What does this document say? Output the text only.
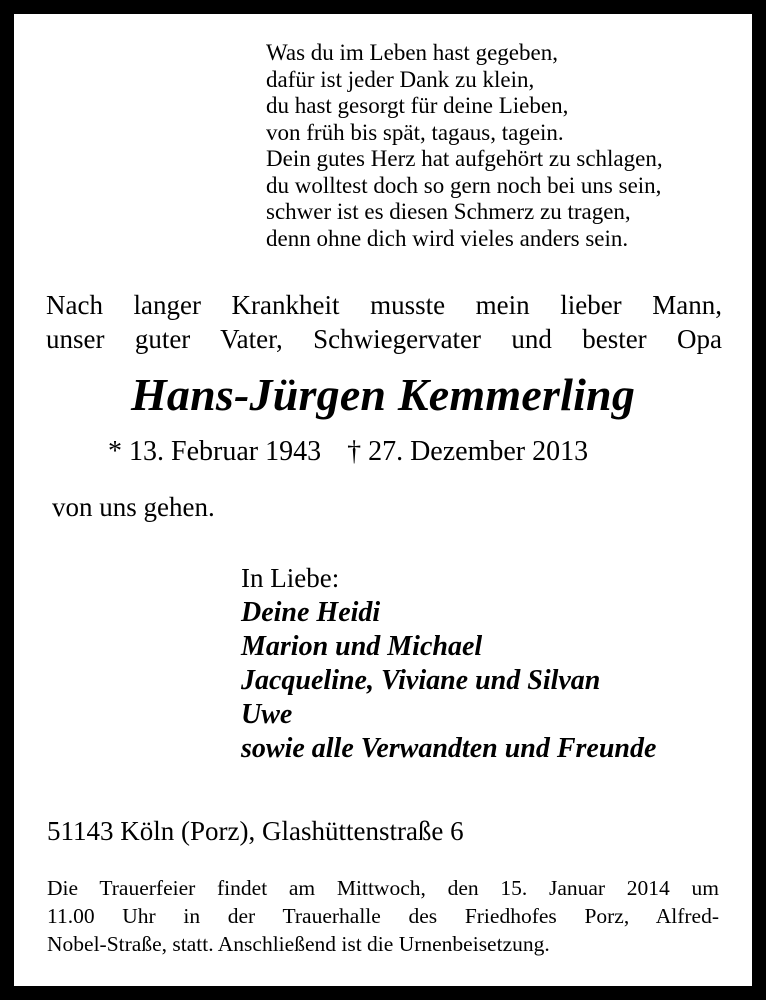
Was du im Leben hast gegeben,
dafür ist jeder Dank zu klein,
du hast gesorgt für deine Lieben,
von früh bis spät, tagaus, tagein.
Dein gutes Herz hat aufgehört zu schlagen,
du wolltest doch so gern noch bei uns sein,
schwer ist es diesen Schmerz zu tragen,
denn ohne dich wird vieles anders sein.
Nach langer Krankheit musste mein lieber Mann,
unser guter Vater, Schwiegervater und bester Opa
Hans-Jürgen Kemmerling
* 13. Februar 1943 † 27. Dezember 2013
von uns gehen.
In Liebe:
Deine Heidi
Marion und Michael
Jacqueline, Viviane und Silvan
Uwe
sowie alle Verwandten und Freunde
51143 Köln (Porz), Glashüttenstraße 6
Die Trauerfeier findet am Mittwoch, den 15. Januar 2014 um
11.00 Uhr in der Trauerhalle des Friedhofes Porz, Alfred-
Nobel-Straße, statt. Anschließend ist die Urnenbeisetzung.
